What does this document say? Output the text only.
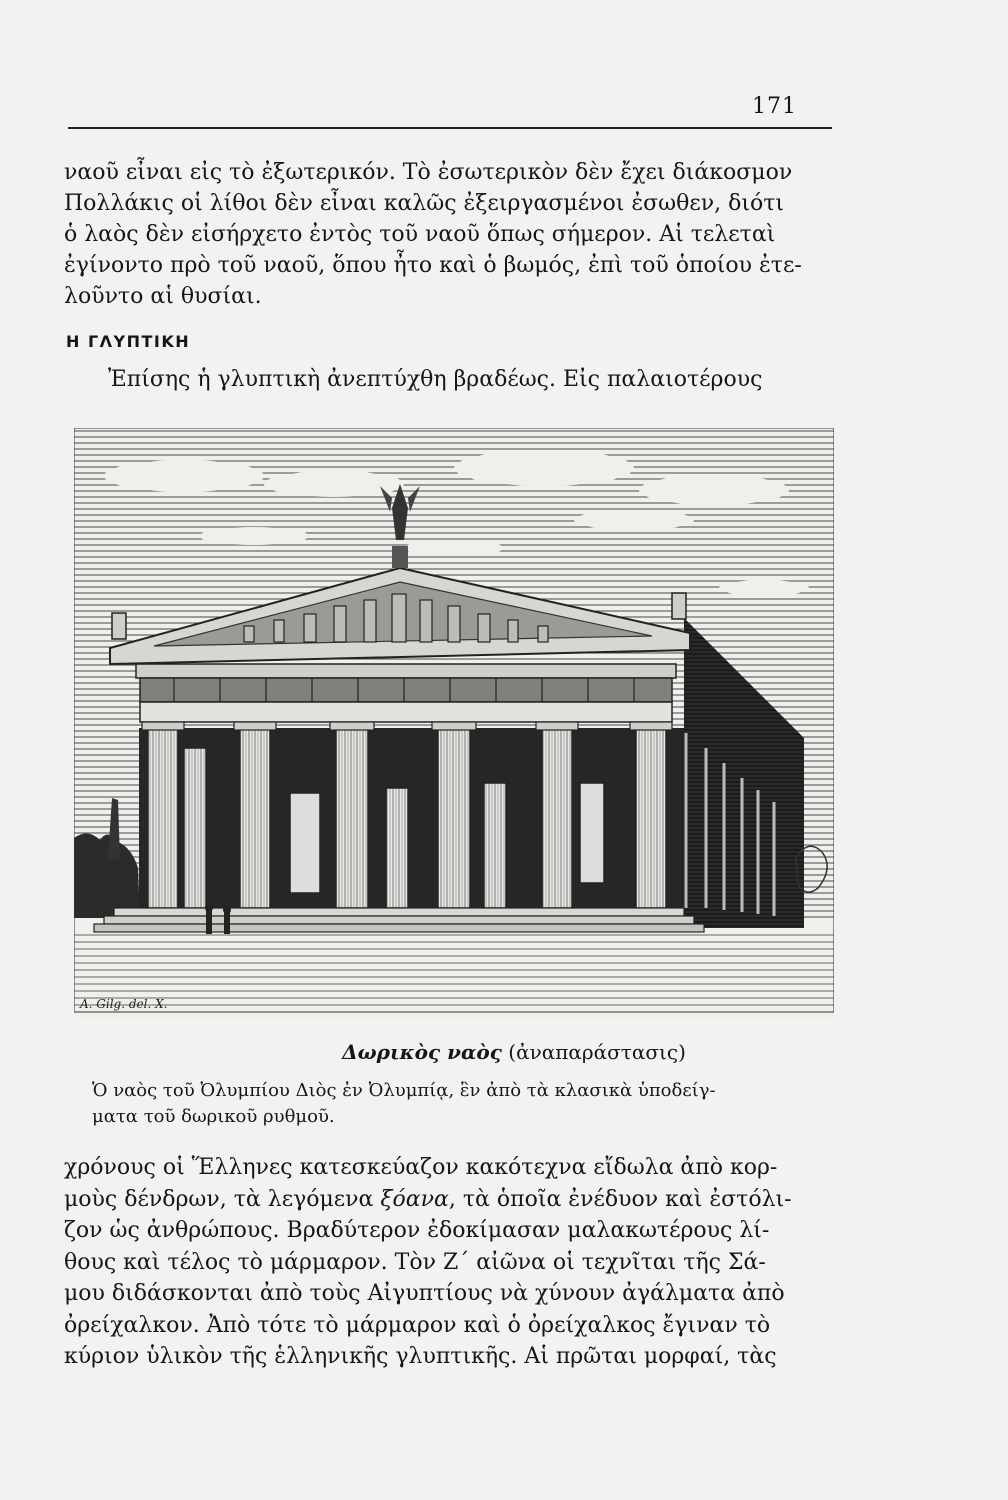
171

ναοῦ εἶναι εἰς τὸ ἐξωτερικόν. Τὸ ἐσωτερικὸν δὲν ἔχει διάκοσμον
Πολλάκις οἱ λίθοι δὲν εἶναι καλῶς ἐξειργασμένοι ἐσωθεν, διότι
ὁ λαὸς δὲν εἰσήρχετο ἐντὸς τοῦ ναοῦ ὅπως σήμερον. Αἱ τελεταὶ
ἐγίνοντο πρὸ τοῦ ναοῦ, ὅπου ἦτο καὶ ὁ βωμός, ἐπὶ τοῦ ὁποίου ἐτε-
λοῦντο αἱ θυσίαι.

Η ΓΛΥΠΤΙΚΗ

Ἐπίσης ἡ γλυπτικὴ ἀνεπτύχθη βραδέως. Εἰς παλαιοτέρους

A. Gilg. del. X.
Δωρικὸς ναὸς (ἀναπαράστασις)

Ὁ ναὸς τοῦ Ὀλυμπίου Διὸς ἐν Ὀλυμπίᾳ, ἓν ἀπὸ τὰ κλασικὰ ὑποδείγ-
ματα τοῦ δωρικοῦ ρυθμοῦ.

χρόνους οἱ Ἕλληνες κατεσκεύαζον κακότεχνα εἴδωλα ἀπὸ κορ-
μοὺς δένδρων, τὰ λεγόμενα ξόανα, τὰ ὁποῖα ἐνέδυον καὶ ἐστόλι-
ζον ὡς ἀνθρώπους. Βραδύτερον ἐδοκίμασαν μαλακωτέρους λί-
θους καὶ τέλος τὸ μάρμαρον. Τὸν Ζ΄ αἰῶνα οἱ τεχνῖται τῆς Σά-
μου διδάσκονται ἀπὸ τοὺς Αἰγυπτίους νὰ χύνουν ἀγάλματα ἀπὸ
ὀρείχαλκον. Ἀπὸ τότε τὸ μάρμαρον καὶ ὁ ὀρείχαλκος ἔγιναν τὸ
κύριον ὑλικὸν τῆς ἑλληνικῆς γλυπτικῆς. Αἱ πρῶται μορφαί, τὰς
